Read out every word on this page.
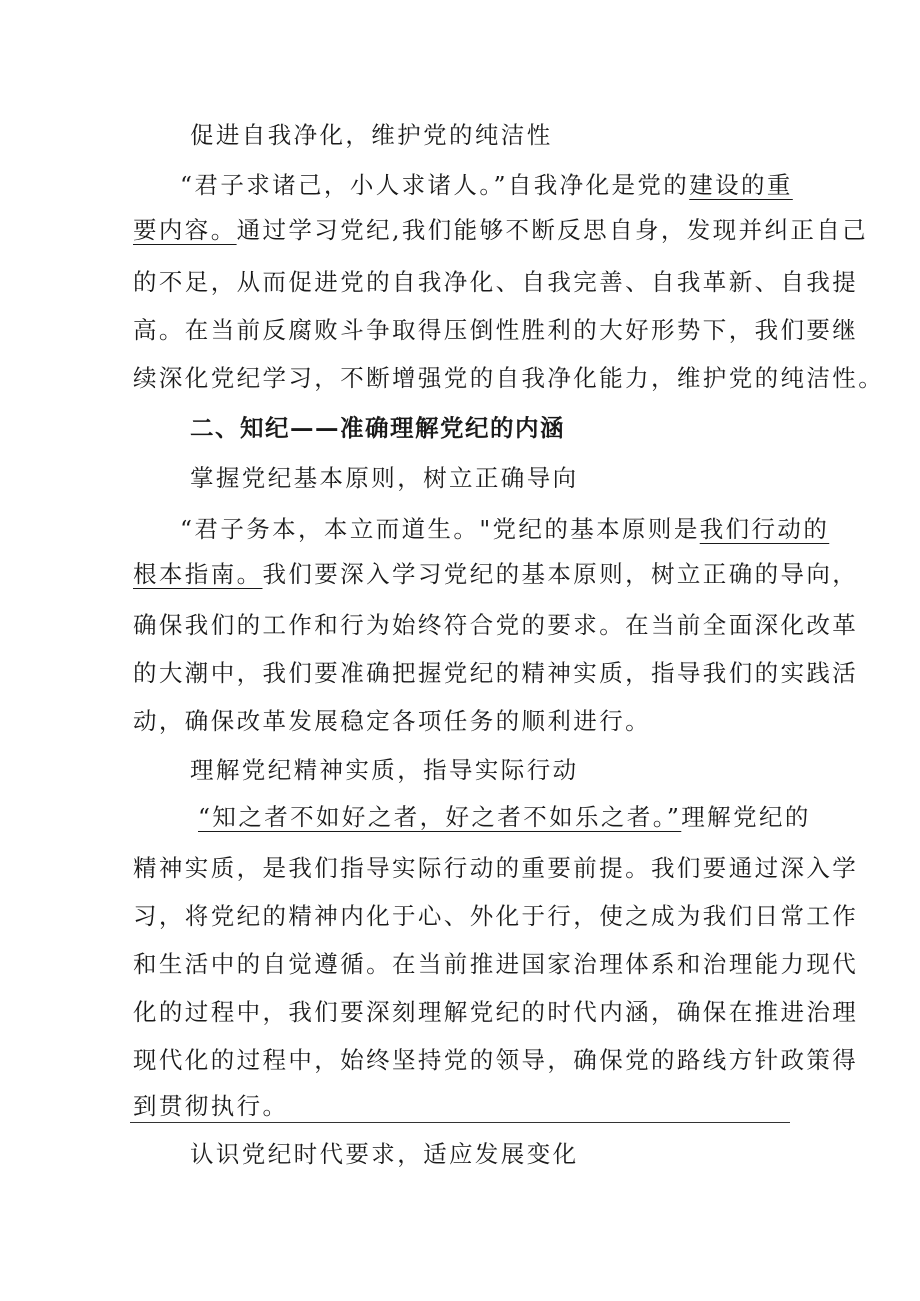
促进自我净化，维护党的纯洁性
“君子求诸己，小人求诸人。”自我净化是党的建设的重
要内容。通过学习党纪,我们能够不断反思自身，发现并纠正自己
的不足，从而促进党的自我净化、自我完善、自我革新、自我提
高。在当前反腐败斗争取得压倒性胜利的大好形势下，我们要继
续深化党纪学习，不断增强党的自我净化能力，维护党的纯洁性。
二、知纪——准确理解党纪的内涵
掌握党纪基本原则，树立正确导向
“君子务本，本立而道生。"党纪的基本原则是我们行动的
根本指南。我们要深入学习党纪的基本原则，树立正确的导向，
确保我们的工作和行为始终符合党的要求。在当前全面深化改革
的大潮中，我们要准确把握党纪的精神实质，指导我们的实践活
动，确保改革发展稳定各项任务的顺利进行。
理解党纪精神实质，指导实际行动
“知之者不如好之者，好之者不如乐之者。”理解党纪的
精神实质，是我们指导实际行动的重要前提。我们要通过深入学
习，将党纪的精神内化于心、外化于行，使之成为我们日常工作
和生活中的自觉遵循。在当前推进国家治理体系和治理能力现代
化的过程中，我们要深刻理解党纪的时代内涵，确保在推进治理
现代化的过程中，始终坚持党的领导，确保党的路线方针政策得
到贯彻执行。
认识党纪时代要求，适应发展变化
